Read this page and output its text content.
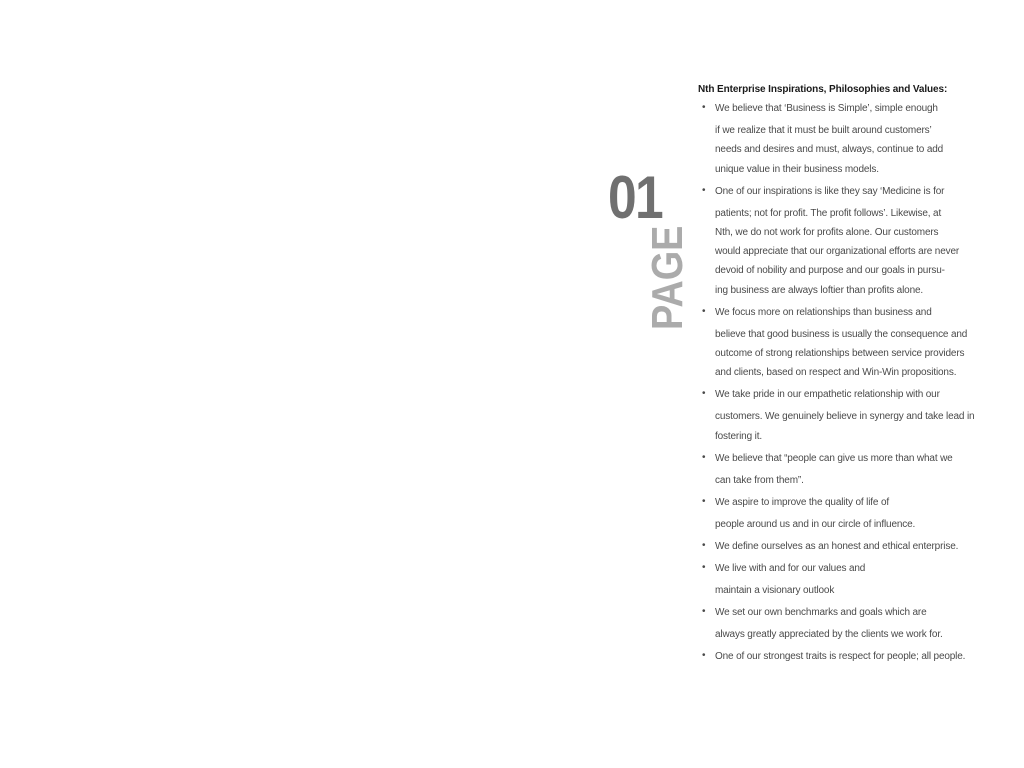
01
PAGE
Nth Enterprise Inspirations, Philosophies and Values:
• We believe that ‘Business is Simple’, simple enough
if we realize that it must be built around customers’
needs and desires and must, always, continue to add
unique value in their business models.
• One of our inspirations is like they say ‘Medicine is for
patients; not for profit. The profit follows’. Likewise, at
Nth, we do not work for profits alone. Our customers
would appreciate that our organizational efforts are never
devoid of nobility and purpose and our goals in pursu-
ing business are always loftier than profits alone.
• We focus more on relationships than business and
believe that good business is usually the consequence and
outcome of strong relationships between service providers
and clients, based on respect and Win-Win propositions.
• We take pride in our empathetic relationship with our
customers. We genuinely believe in synergy and take lead in
fostering it.
• We believe that “people can give us more than what we
can take from them”.
• We aspire to improve the quality of life of
people around us and in our circle of influence.
• We define ourselves as an honest and ethical enterprise.
• We live with and for our values and
maintain a visionary outlook
• We set our own benchmarks and goals which are
always greatly appreciated by the clients we work for.
• One of our strongest traits is respect for people; all people.
